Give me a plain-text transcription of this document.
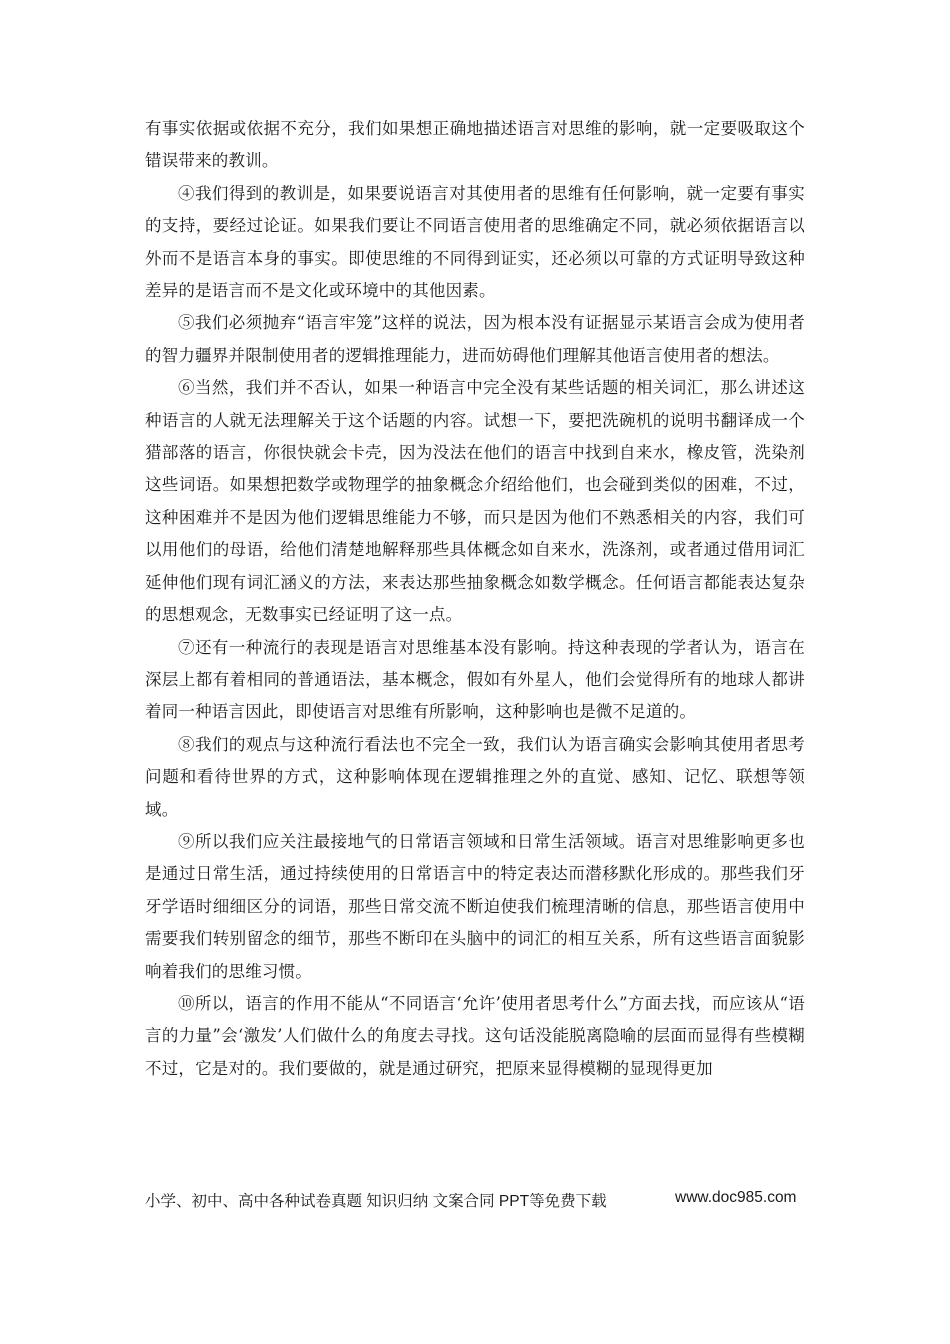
有事实依据或依据不充分，我们如果想正确地描述语言对思维的影响，就一定要吸取这个错误带来的教训。

④我们得到的教训是，如果要说语言对其使用者的思维有任何影响，就一定要有事实的支持，要经过论证。如果我们要让不同语言使用者的思维确定不同，就必须依据语言以外而不是语言本身的事实。即使思维的不同得到证实，还必须以可靠的方式证明导致这种差异的是语言而不是文化或环境中的其他因素。

⑤我们必须抛弃“语言牢笼”这样的说法，因为根本没有证据显示某语言会成为使用者的智力疆界并限制使用者的逻辑推理能力，进而妨碍他们理解其他语言使用者的想法。

⑥当然，我们并不否认，如果一种语言中完全没有某些话题的相关词汇，那么讲述这种语言的人就无法理解关于这个话题的内容。试想一下，要把洗碗机的说明书翻译成一个猎部落的语言，你很快就会卡壳，因为没法在他们的语言中找到自来水，橡皮管，洗染剂这些词语。如果想把数学或物理学的抽象概念介绍给他们，也会碰到类似的困难，不过，这种困难并不是因为他们逻辑思维能力不够，而只是因为他们不熟悉相关的内容，我们可以用他们的母语，给他们清楚地解释那些具体概念如自来水，洗涤剂，或者通过借用词汇延伸他们现有词汇涵义的方法，来表达那些抽象概念如数学概念。任何语言都能表达复杂的思想观念，无数事实已经证明了这一点。

⑦还有一种流行的表现是语言对思维基本没有影响。持这种表现的学者认为，语言在深层上都有着相同的普通语法，基本概念，假如有外星人，他们会觉得所有的地球人都讲着同一种语言因此，即使语言对思维有所影响，这种影响也是微不足道的。

⑧我们的观点与这种流行看法也不完全一致，我们认为语言确实会影响其使用者思考问题和看待世界的方式，这种影响体现在逻辑推理之外的直觉、感知、记忆、联想等领域。

⑨所以我们应关注最接地气的日常语言领域和日常生活领域。语言对思维影响更多也是通过日常生活，通过持续使用的日常语言中的特定表达而潜移默化形成的。那些我们牙牙学语时细细区分的词语，那些日常交流不断迫使我们梳理清晰的信息，那些语言使用中需要我们转别留念的细节，那些不断印在头脑中的词汇的相互关系，所有这些语言面貌影响着我们的思维习惯。

⑩所以，语言的作用不能从“不同语言‘允许’使用者思考什么”方面去找，而应该从“语言的力量”会‘激发’人们做什么的角度去寻找。这句话没能脱离隐喻的层面而显得有些模糊不过，它是对的。我们要做的，就是通过研究，把原来显得模糊的显现得更加

小学、初中、高中各种试卷真题 知识归纳 文案合同 PPT等免费下载	www.doc985.com
